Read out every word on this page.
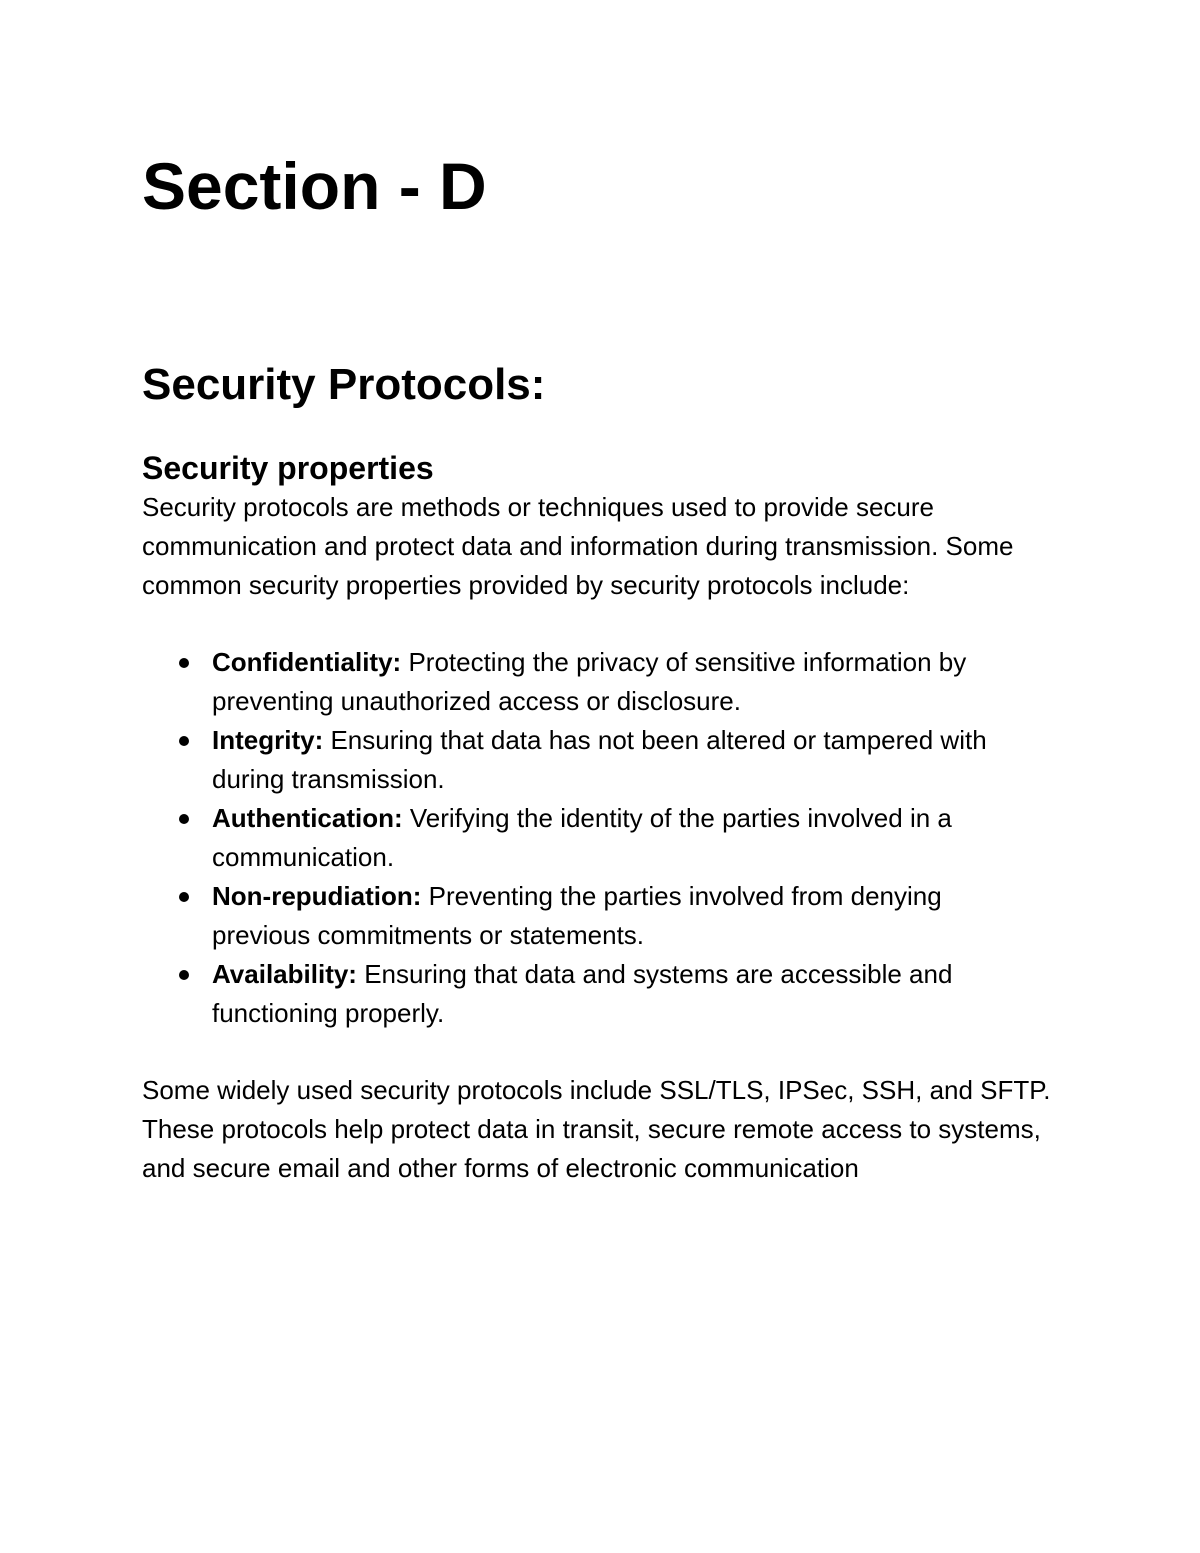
Section - D
Security Protocols:
Security properties

Security protocols are methods or techniques used to provide secure communication and protect data and information during transmission. Some common security properties provided by security protocols include:

Confidentiality: Protecting the privacy of sensitive information by preventing unauthorized access or disclosure.
Integrity: Ensuring that data has not been altered or tampered with during transmission.
Authentication: Verifying the identity of the parties involved in a communication.
Non-repudiation: Preventing the parties involved from denying previous commitments or statements.
Availability: Ensuring that data and systems are accessible and functioning properly.

Some widely used security protocols include SSL/TLS, IPSec, SSH, and SFTP. These protocols help protect data in transit, secure remote access to systems, and secure email and other forms of electronic communication
